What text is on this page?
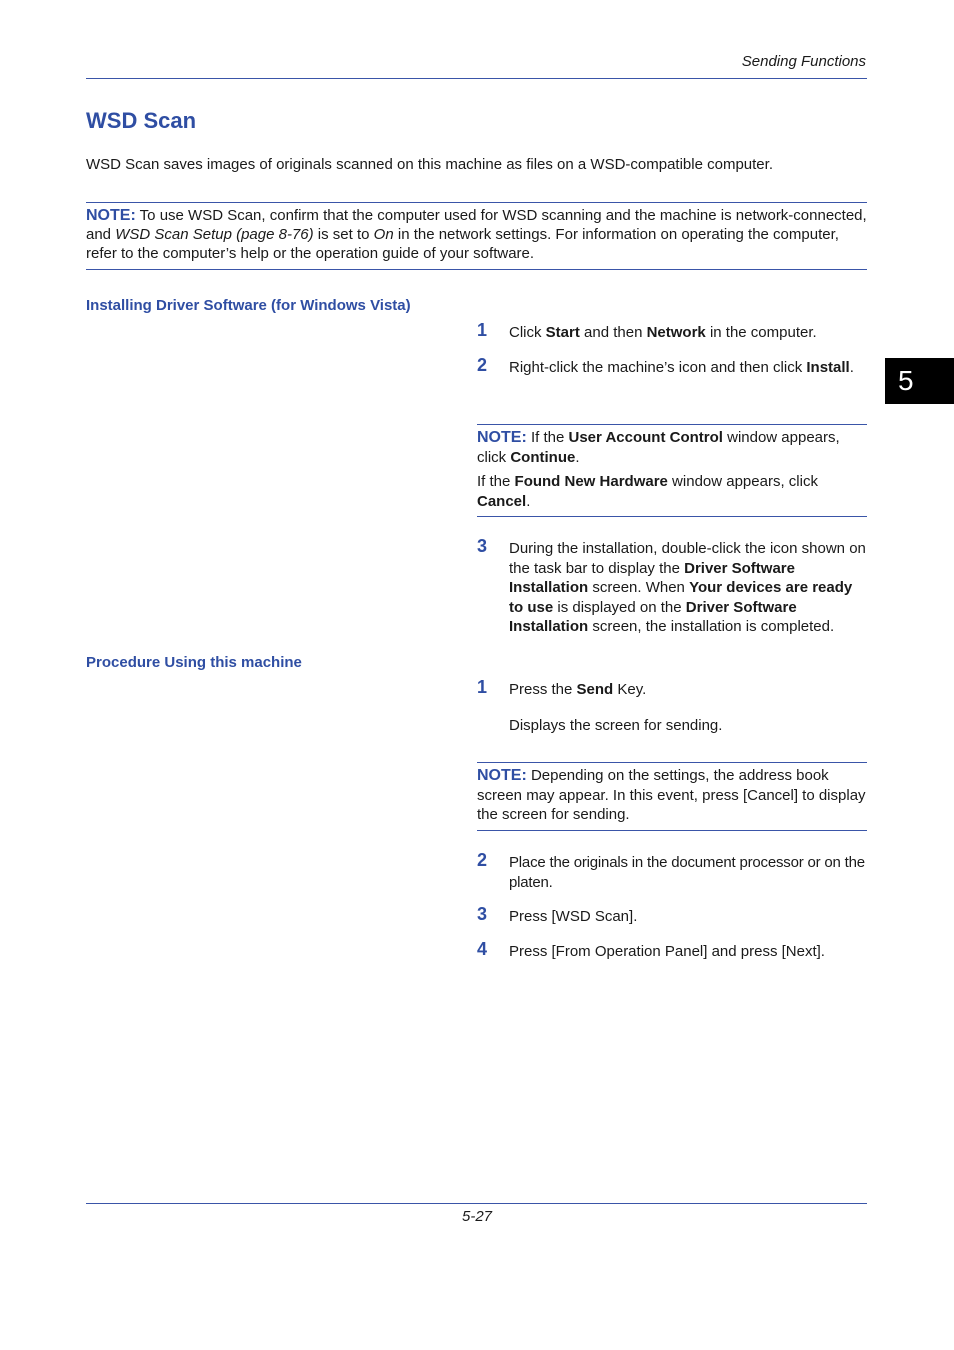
Sending Functions
5
WSD Scan
WSD Scan saves images of originals scanned on this machine as files on a WSD-compatible computer.
NOTE: To use WSD Scan, confirm that the computer used for WSD scanning and the machine is network-connected, and WSD Scan Setup (page 8-76) is set to On in the network settings. For information on operating the computer, refer to the computer’s help or the operation guide of your software.
Installing Driver Software (for Windows Vista)
1 Click Start and then Network in the computer.
2 Right-click the machine’s icon and then click Install.
NOTE: If the User Account Control window appears, click Continue.
If the Found New Hardware window appears, click Cancel.
3 During the installation, double-click the icon shown on the task bar to display the Driver Software Installation screen. When Your devices are ready to use is displayed on the Driver Software Installation screen, the installation is completed.
Procedure Using this machine
1 Press the Send Key.
Displays the screen for sending.
NOTE: Depending on the settings, the address book screen may appear. In this event, press [Cancel] to display the screen for sending.
2 Place the originals in the document processor or on the platen.
3 Press [WSD Scan].
4 Press [From Operation Panel] and press [Next].
5-27
